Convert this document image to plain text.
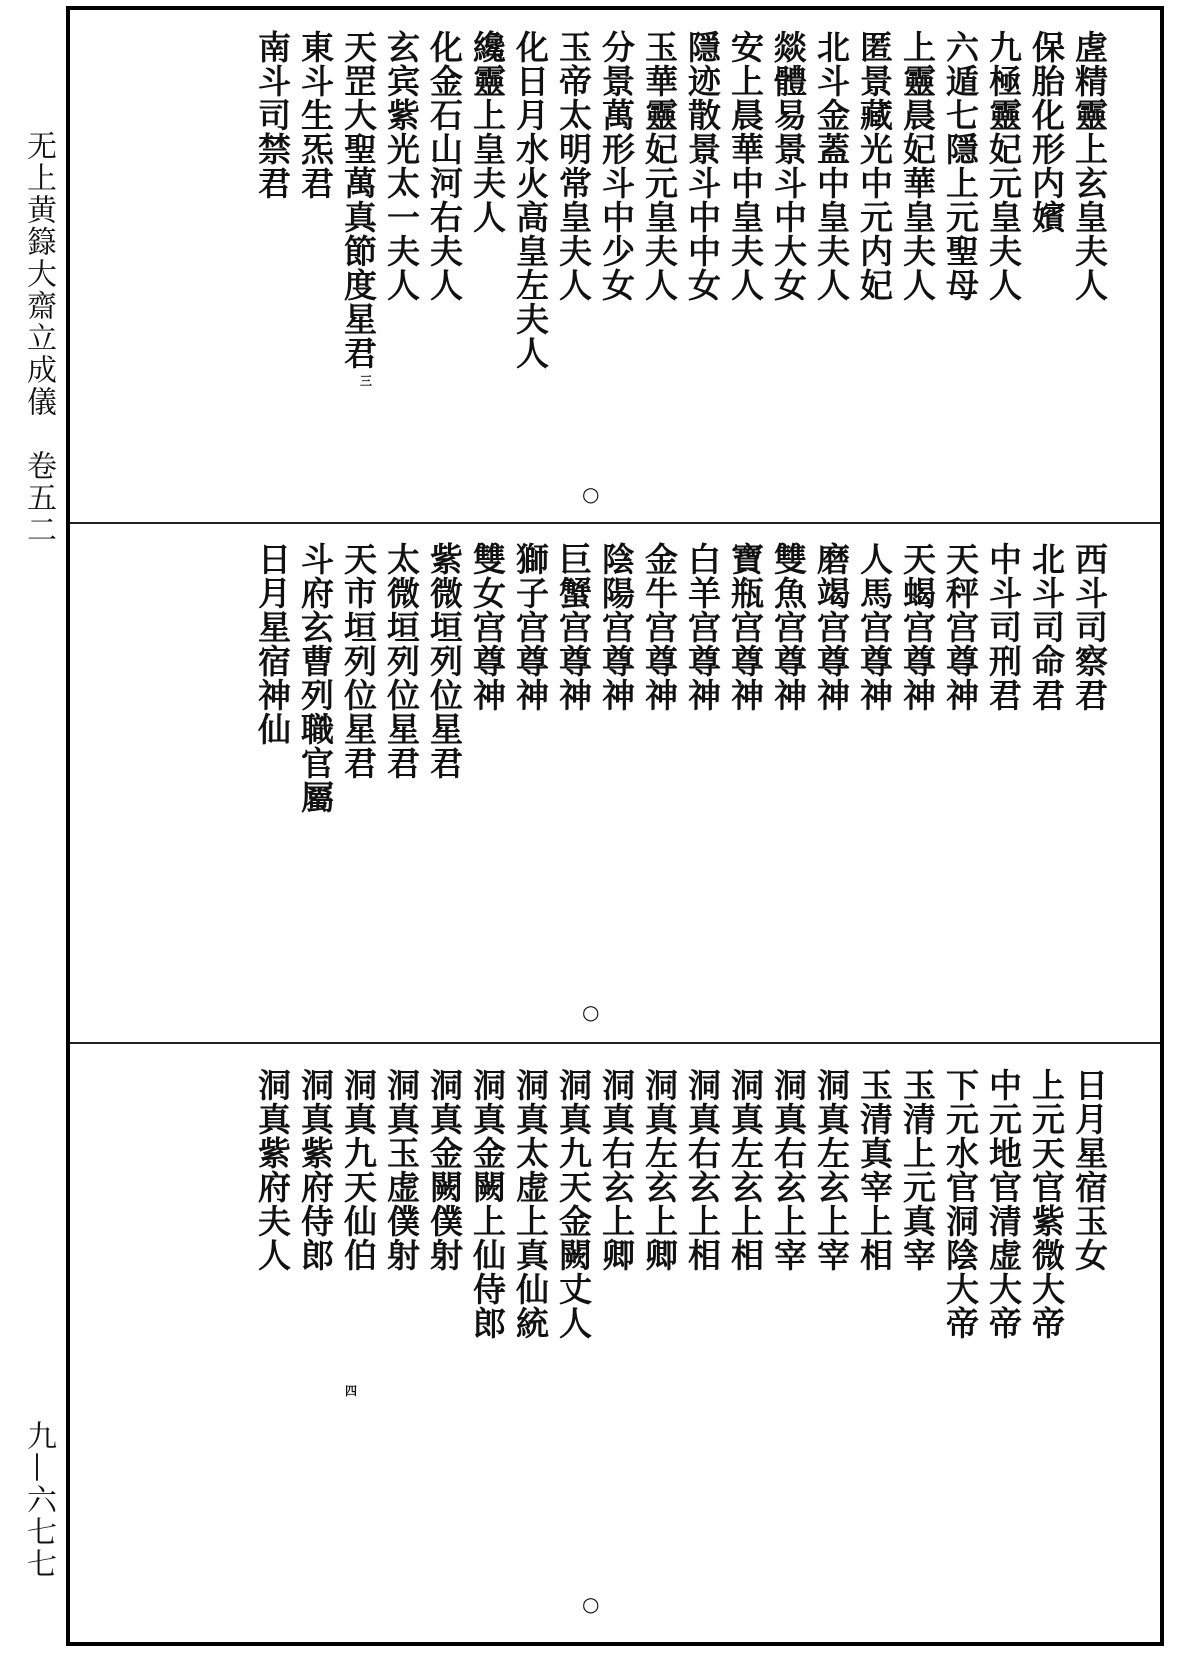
无上黄籙大齋立成儀　卷五二

九—六七七

虗精靈上玄皇夫人

保胎化形内嬪

九極靈妃元皇夫人

六遁七隱上元聖母

上靈晨妃華皇夫人

匿景藏光中元内妃

北斗金蓋中皇夫人

燚體易景斗中大女

安上晨華中皇夫人

隱迹散景斗中中女

玉華靈妃元皇夫人

分景萬形斗中少女

玉帝太明常皇夫人

化日月水火高皇左夫人

纔靈上皇夫人

化金石山河右夫人

玄宾紫光太一夫人

天罡大聖萬真節度星君

東斗生炁君

南斗司禁君

三
○

西斗司察君

北斗司命君

中斗司刑君

天秤宫尊神

天蝎宫尊神

人馬宫尊神

磨竭宫尊神

雙魚宫尊神

寶瓶宫尊神

白羊宫尊神

金牛宫尊神

陰陽宫尊神

巨蟹宫尊神

獅子宫尊神

雙女宫尊神

紫微垣列位星君

太微垣列位星君

天市垣列位星君

斗府玄曹列職官屬

日月星宿神仙

○

日月星宿玉女

上元天官紫微大帝

中元地官清虚大帝

下元水官洞陰大帝

玉清上元真宰

玉清真宰上相

洞真左玄上宰

洞真右玄上宰

洞真左玄上相

洞真右玄上相

洞真左玄上卿

洞真右玄上卿

洞真九天金闕丈人

洞真太虚上真仙統

洞真金闕上仙侍郎

洞真金闕僕射

洞真玉虚僕射

洞真九天仙伯

洞真紫府侍郎

洞真紫府夫人

四
○
